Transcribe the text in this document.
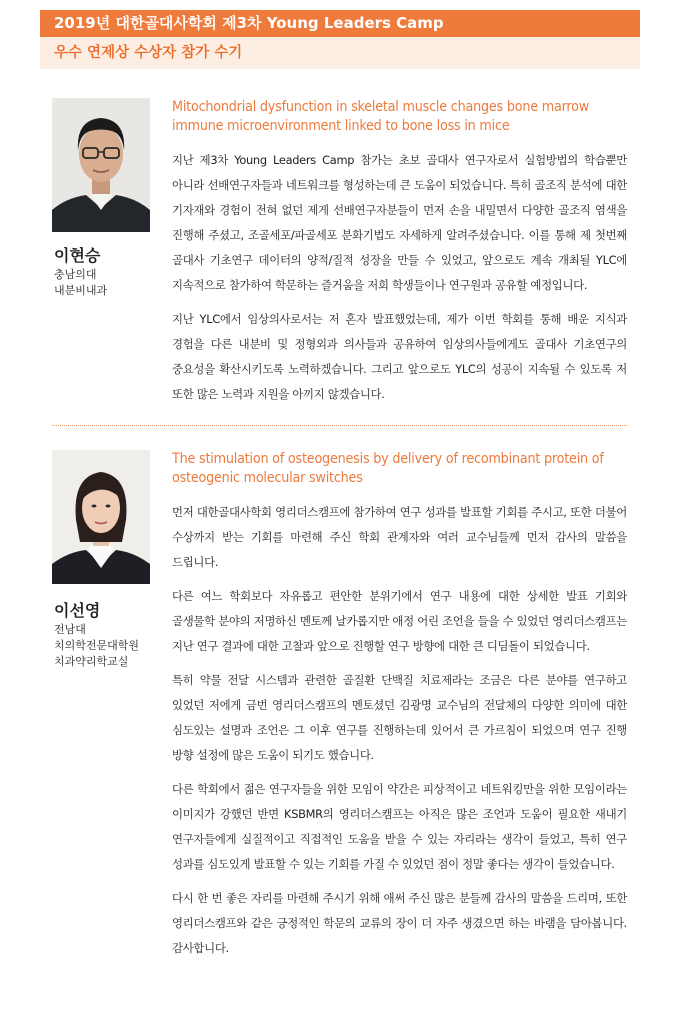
2019년 대한골대사학회 제3차 Young Leaders Camp
우수 연제상 수상자 참가 수기
이현승
충남의대
내분비내과
Mitochondrial dysfunction in skeletal muscle changes bone marrow immune microenvironment linked to bone loss in mice

지난 제3차 Young Leaders Camp 참가는 초보 골대사 연구자로서 실험방법의 학습뿐만 아니라 선배연구자들과 네트워크를 형성하는데 큰 도움이 되었습니다. 특히 골조직 분석에 대한 기자재와 경험이 전혀 없던 제게 선배연구자분들이 먼저 손을 내밀면서 다양한 골조직 염색을 진행해 주셨고, 조골세포/파골세포 분화기법도 자세하게 알려주셨습니다. 이를 통해 제 첫번째 골대사 기초연구 데이터의 양적/질적 성장을 만들 수 있었고, 앞으로도 계속 개최될 YLC에 지속적으로 참가하여 학문하는 즐거움을 저희 학생들이나 연구원과 공유할 예정입니다.

지난 YLC에서 임상의사로서는 저 혼자 발표했었는데, 제가 이번 학회를 통해 배운 지식과 경험을 다른 내분비 및 정형외과 의사들과 공유하여 임상의사들에게도 골대사 기초연구의 중요성을 확산시키도록 노력하겠습니다. 그리고 앞으로도 YLC의 성공이 지속될 수 있도록 저 또한 많은 노력과 지원을 아끼지 않겠습니다.

이선영
전남대
치의학전문대학원
치과약리학교실
The stimulation of osteogenesis by delivery of recombinant protein of osteogenic molecular switches

먼저 대한골대사학회 영리더스캠프에 참가하여 연구 성과를 발표할 기회를 주시고, 또한 더불어 수상까지 받는 기회를 마련해 주신 학회 관계자와 여러 교수님들께 먼저 감사의 말씀을 드립니다.

다른 여느 학회보다 자유롭고 편안한 분위기에서 연구 내용에 대한 상세한 발표 기회와 골생물학 분야의 저명하신 멘토께 날카롭지만 애정 어린 조언을 들을 수 있었던 영리더스캠프는 지난 연구 결과에 대한 고찰과 앞으로 진행할 연구 방향에 대한 큰 디딤돌이 되었습니다.

특히 약물 전달 시스템과 관련한 골질환 단백질 치료제라는 조금은 다른 분야를 연구하고 있었던 저에게 금번 영리더스캠프의 멘토셨던 김광명 교수님의 전달체의 다양한 의미에 대한 심도있는 설명과 조언은 그 이후 연구를 진행하는데 있어서 큰 가르침이 되었으며 연구 진행 방향 설정에 많은 도움이 되기도 했습니다.

다른 학회에서 젊은 연구자들을 위한 모임이 약간은 피상적이고 네트워킹만을 위한 모임이라는 이미지가 강했던 반면 KSBMR의 영리더스캠프는 아직은 많은 조언과 도움이 필요한 새내기 연구자들에게 실질적이고 직접적인 도움을 받을 수 있는 자리라는 생각이 들었고, 특히 연구 성과를 심도있게 발표할 수 있는 기회를 가질 수 있었던 점이 정말 좋다는 생각이 들었습니다.

다시 한 번 좋은 자리를 마련해 주시기 위해 애써 주신 많은 분들께 감사의 말씀을 드리며, 또한 영리더스캠프와 같은 긍정적인 학문의 교류의 장이 더 자주 생겼으면 하는 바램을 담아봅니다. 감사합니다.
